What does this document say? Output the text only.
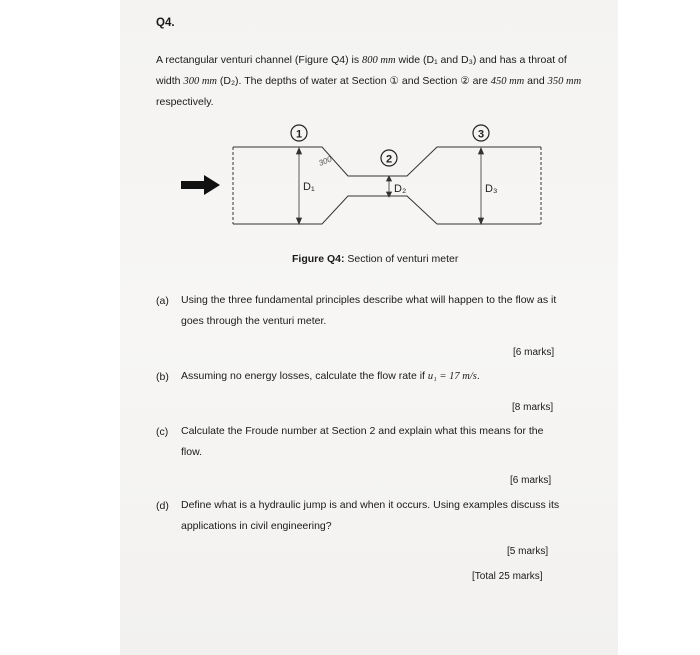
Q4.
A rectangular venturi channel (Figure Q4) is 800 mm wide (D₁ and D₃) and has a throat of width 300 mm (D₂). The depths of water at Section ① and Section ② are 450 mm and 350 mm respectively.
1
2
3
D₁	D₂	D₃
300
Figure Q4: Section of venturi meter
(a) Using the three fundamental principles describe what will happen to the flow as it goes through the venturi meter.
[6 marks]
(b) Assuming no energy losses, calculate the flow rate if u₁ = 17 m/s.
[8 marks]
(c) Calculate the Froude number at Section 2 and explain what this means for the flow.
[6 marks]
(d) Define what is a hydraulic jump is and when it occurs. Using examples discuss its applications in civil engineering?
[5 marks]
[Total 25 marks]
